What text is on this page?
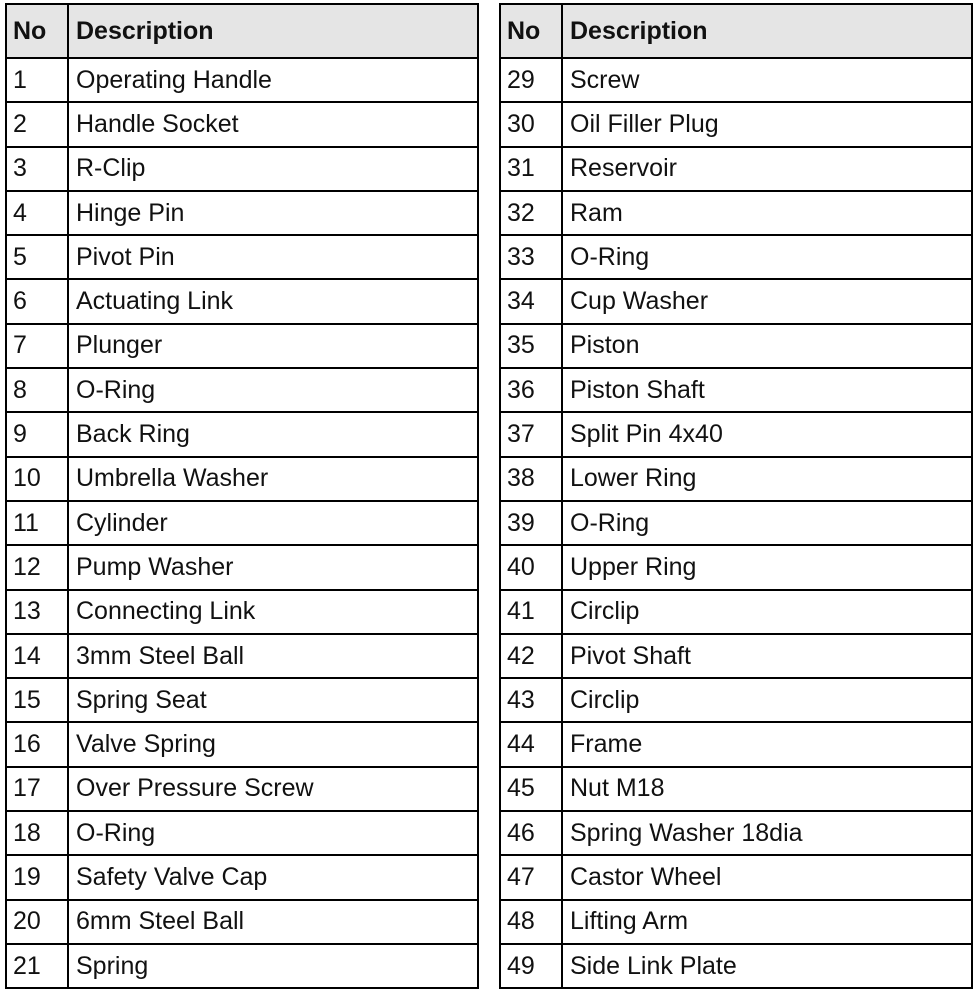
No	Description
1	Operating Handle
2	Handle Socket
3	R-Clip
4	Hinge Pin
5	Pivot Pin
6	Actuating Link
7	Plunger
8	O-Ring
9	Back Ring
10	Umbrella Washer
11	Cylinder
12	Pump Washer
13	Connecting Link
14	3mm Steel Ball
15	Spring Seat
16	Valve Spring
17	Over Pressure Screw
18	O-Ring
19	Safety Valve Cap
20	6mm Steel Ball
21	Spring
No	Description
29	Screw
30	Oil Filler Plug
31	Reservoir
32	Ram
33	O-Ring
34	Cup Washer
35	Piston
36	Piston Shaft
37	Split Pin 4x40
38	Lower Ring
39	O-Ring
40	Upper Ring
41	Circlip
42	Pivot Shaft
43	Circlip
44	Frame
45	Nut M18
46	Spring Washer 18dia
47	Castor Wheel
48	Lifting Arm
49	Side Link Plate
